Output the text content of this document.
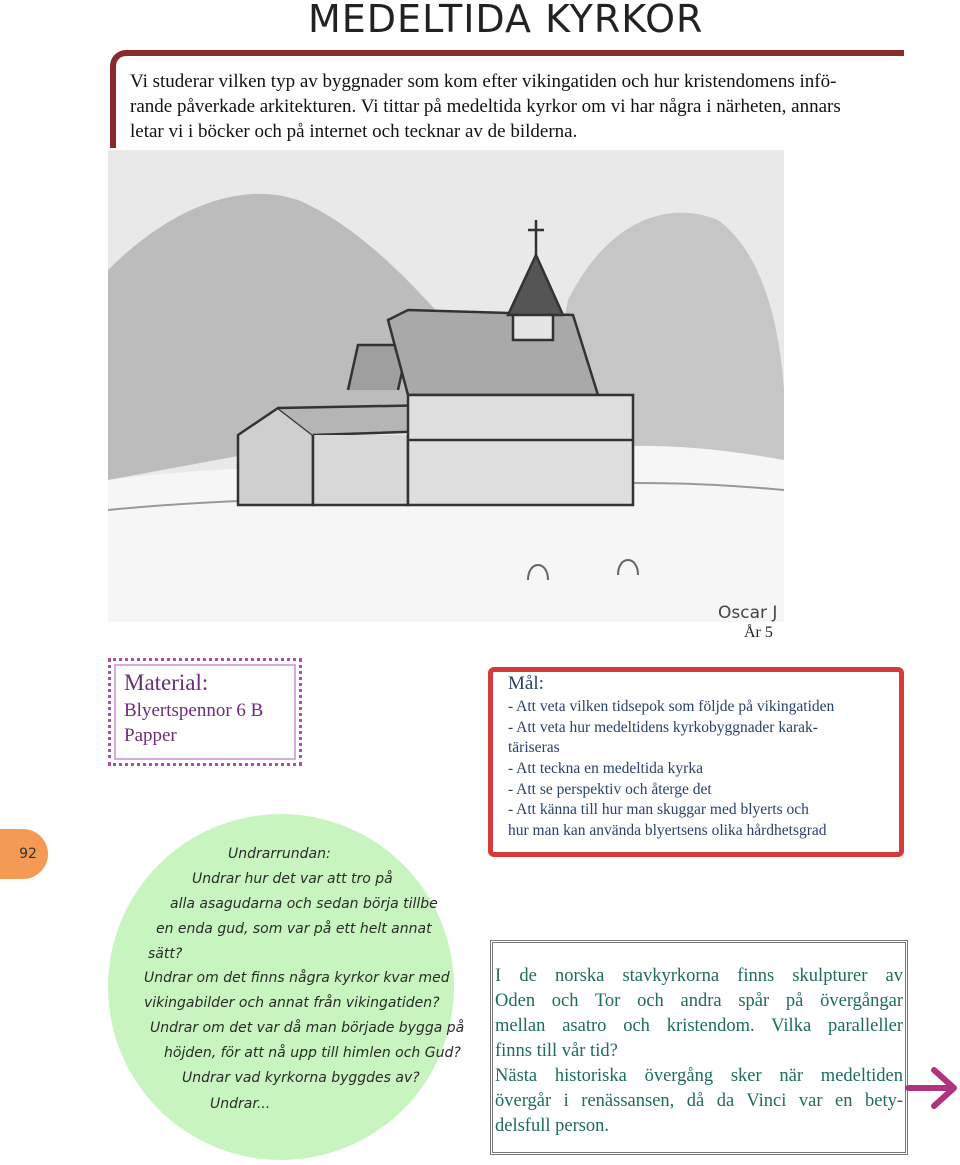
MEDELTIDA KYRKOR
Vi studerar vilken typ av byggnader som kom efter vikingatiden och hur kristendomens infö-
rande påverkade arkitekturen. Vi tittar på medeltida kyrkor om vi har några i närheten, annars
letar vi i böcker och på internet och tecknar av de bilderna.
Oscar J
År 5
Material:
Blyertspennor 6 B
Papper
Mål:
- Att veta vilken tidsepok som följde på vikingatiden
- Att veta hur medeltidens kyrkobyggnader karak-
täriseras
- Att teckna en medeltida kyrka
- Att se perspektiv och återge det
- Att känna till hur man skuggar med blyerts och
hur man kan använda blyertsens olika hårdhetsgrad
92	Undrarrundan:
Undrar hur det var att tro på
alla asagudarna och sedan börja tillbe
en enda gud, som var på ett helt annat
sätt?
Undrar om det finns några kyrkor kvar med
vikingabilder och annat från vikingatiden?
Undrar om det var då man började bygga på
höjden, för att nå upp till himlen och Gud?
Undrar vad kyrkorna byggdes av?
Undrar...
I de norska stavkyrkorna finns skulpturer av
Oden och Tor och andra spår på övergångar
mellan asatro och kristendom. Vilka paralleller
finns till vår tid?
Nästa historiska övergång sker när medeltiden
övergår i renässansen, då da Vinci var en bety-
delsfull person.
